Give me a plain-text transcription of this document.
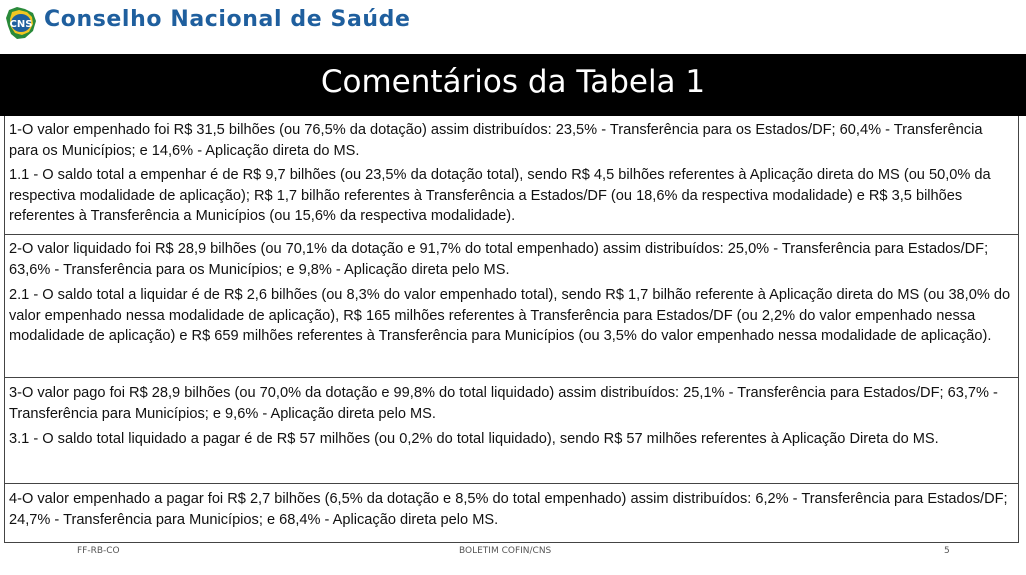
CNS Conselho Nacional de Saúde
Comentários da Tabela 1

1-O valor empenhado foi R$ 31,5 bilhões (ou 76,5% da dotação) assim distribuídos: 23,5% - Transferência para os Estados/DF; 60,4% - Transferência para os Municípios; e 14,6% - Aplicação direta do MS.

1.1 - O saldo total a empenhar é de R$ 9,7 bilhões (ou 23,5% da dotação total), sendo R$ 4,5 bilhões referentes à Aplicação direta do MS (ou 50,0% da respectiva modalidade de aplicação); R$ 1,7 bilhão referentes à Transferência a Estados/DF (ou 18,6% da respectiva modalidade) e R$ 3,5 bilhões referentes à Transferência a Municípios (ou 15,6% da respectiva modalidade).

2-O valor liquidado foi R$ 28,9 bilhões (ou 70,1% da dotação e 91,7% do total empenhado) assim distribuídos: 25,0% - Transferência para Estados/DF; 63,6% - Transferência para os Municípios; e 9,8% - Aplicação direta pelo MS.

2.1 - O saldo total a liquidar é de R$ 2,6 bilhões (ou 8,3% do valor empenhado total), sendo R$ 1,7 bilhão referente à Aplicação direta do MS (ou 38,0% do valor empenhado nessa modalidade de aplicação), R$ 165 milhões referentes à Transferência para Estados/DF (ou 2,2% do valor empenhado nessa modalidade de aplicação) e R$ 659 milhões referentes à Transferência para Municípios (ou 3,5% do valor empenhado nessa modalidade de aplicação).

3-O valor pago foi R$ 28,9 bilhões (ou 70,0% da dotação e 99,8% do total liquidado) assim distribuídos: 25,1% - Transferência para Estados/DF; 63,7% - Transferência para Municípios; e 9,6% - Aplicação direta pelo MS.

3.1 - O saldo total liquidado a pagar é de R$ 57 milhões (ou 0,2% do total liquidado), sendo R$ 57 milhões referentes à Aplicação Direta do MS.

4-O valor empenhado a pagar foi R$ 2,7 bilhões (6,5% da dotação e 8,5% do total empenhado) assim distribuídos: 6,2% - Transferência para Estados/DF; 24,7% - Transferência para Municípios; e 68,4% - Aplicação direta pelo MS.

FF-RB-CO	BOLETIM COFIN/CNS	5
